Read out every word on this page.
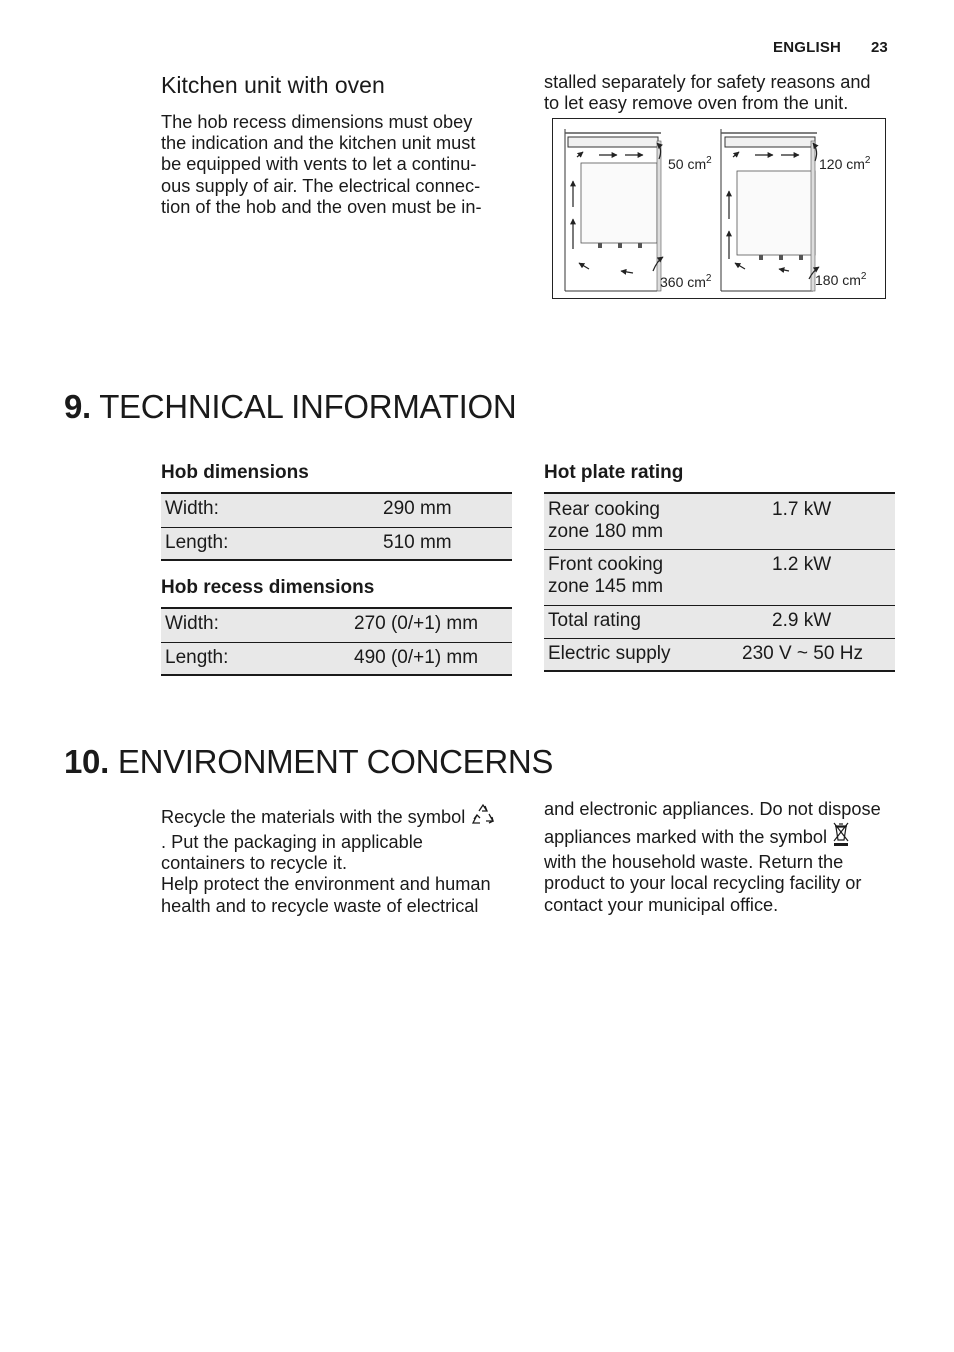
ENGLISH 23
Kitchen unit with oven
The hob recess dimensions must obey
the indication and the kitchen unit must
be equipped with vents to let a continu-
ous supply of air. The electrical connec-
tion of the hob and the oven must be in-
stalled separately for safety reasons and
to let easy remove oven from the unit.
50 $cm^2$
360 $cm^2$
120 $cm^2$
180 $cm^2$
9. TECHNICAL INFORMATION
Hob dimensions
Width:	290 mm
Length:	510 mm
Hob recess dimensions
Width:	270 (0/+1) mm
Length:	490 (0/+1) mm
Hot plate rating
Rear cooking
zone 180 mm	1.7 kW

Front cooking
zone 145 mm	1.2 kW
Total rating	2.9 kW
Electric supply	230 V ~ 50 Hz
10. ENVIRONMENT CONCERNS
Recycle the materials with the symbol
. Put the packaging in applicable
containers to recycle it.
Help protect the environment and human
health and to recycle waste of electrical
and electronic appliances. Do not dispose
appliances marked with the symbol
with the household waste. Return the
product to your local recycling facility or
contact your municipal office.
